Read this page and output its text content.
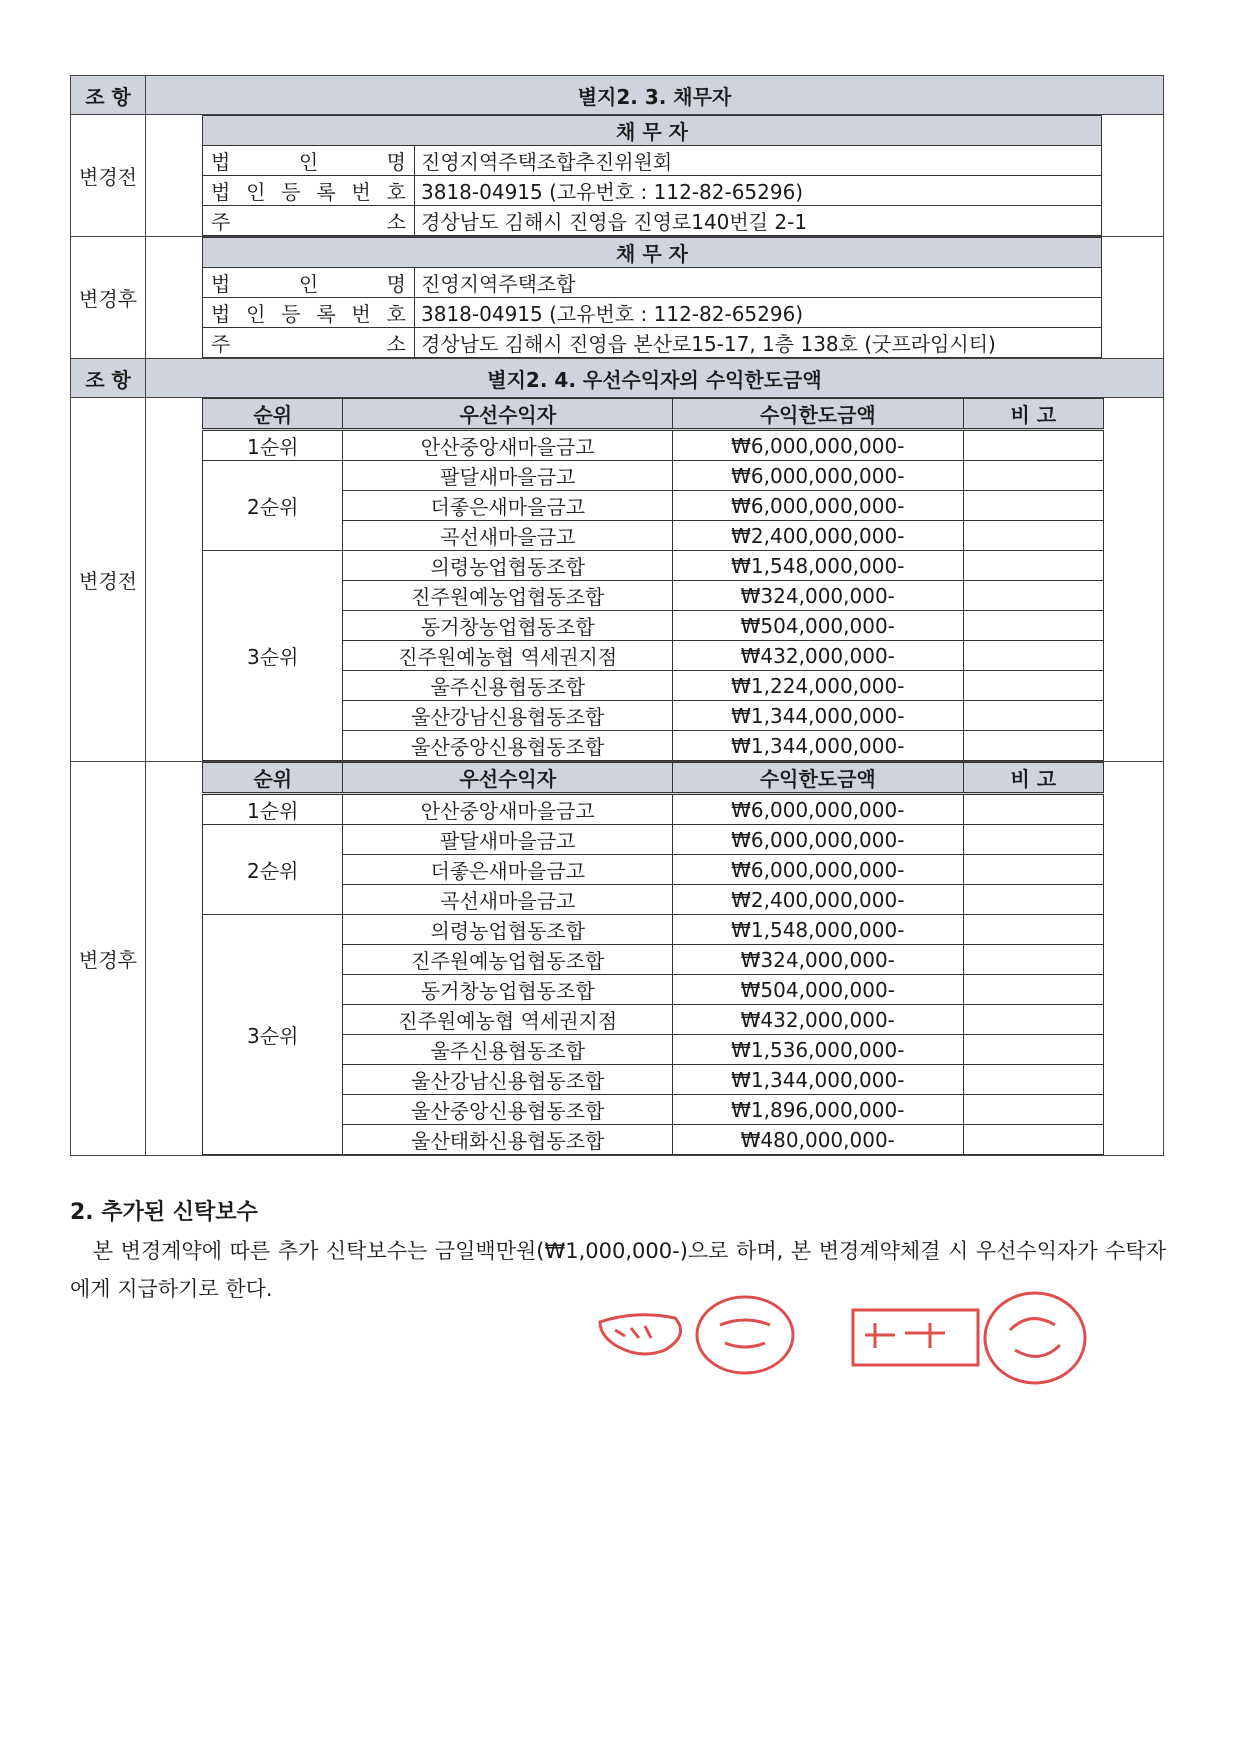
조 항	별지2. 3. 채무자
변경전	
채 무 자

법	인	명	진영지역주택조합추진위원회

법 인 등 록 번 호	3818-04915 (고유번호 : 112-82-65296)

주	소	경상남도 김해시 진영읍 진영로140번길 2-1

변경후	
채 무 자

법	인	명	진영지역주택조합

법 인 등 록 번 호	3818-04915 (고유번호 : 112-82-65296)

주	소	경상남도 김해시 진영읍 본산로15-17, 1층 138호 (굿프라임시티)

조 항	별지2. 4. 우선수익자의 수익한도금액
변경전	
순위	우선수익자	수익한도금액	비 고
1순위	안산중앙새마을금고	₩6,000,000,000-	
2순위	팔달새마을금고	₩6,000,000,000-	
더좋은새마을금고	₩6,000,000,000-	
곡선새마을금고	₩2,400,000,000-	
3순위	의령농업협동조합	₩1,548,000,000-	
진주원예농업협동조합	₩324,000,000-	
동거창농업협동조합	₩504,000,000-	
진주원예농협 역세권지점	₩432,000,000-	
울주신용협동조합	₩1,224,000,000-	
울산강남신용협동조합	₩1,344,000,000-	
울산중앙신용협동조합	₩1,344,000,000-	

변경후	
순위	우선수익자	수익한도금액	비 고
1순위	안산중앙새마을금고	₩6,000,000,000-	
2순위	팔달새마을금고	₩6,000,000,000-	
더좋은새마을금고	₩6,000,000,000-	
곡선새마을금고	₩2,400,000,000-	
3순위	의령농업협동조합	₩1,548,000,000-	
진주원예농업협동조합	₩324,000,000-	
동거창농업협동조합	₩504,000,000-	
진주원예농협 역세권지점	₩432,000,000-	
울주신용협동조합	₩1,536,000,000-	
울산강남신용협동조합	₩1,344,000,000-	
울산중앙신용협동조합	₩1,896,000,000-	
울산태화신용협동조합	₩480,000,000-	
2. 추가된 신탁보수
본 변경계약에 따른 추가 신탁보수는 금일백만원(₩1,000,000-)으로 하며, 본 변경계약체결 시 우선수익자가 수탁자에게 지급하기로 한다.
